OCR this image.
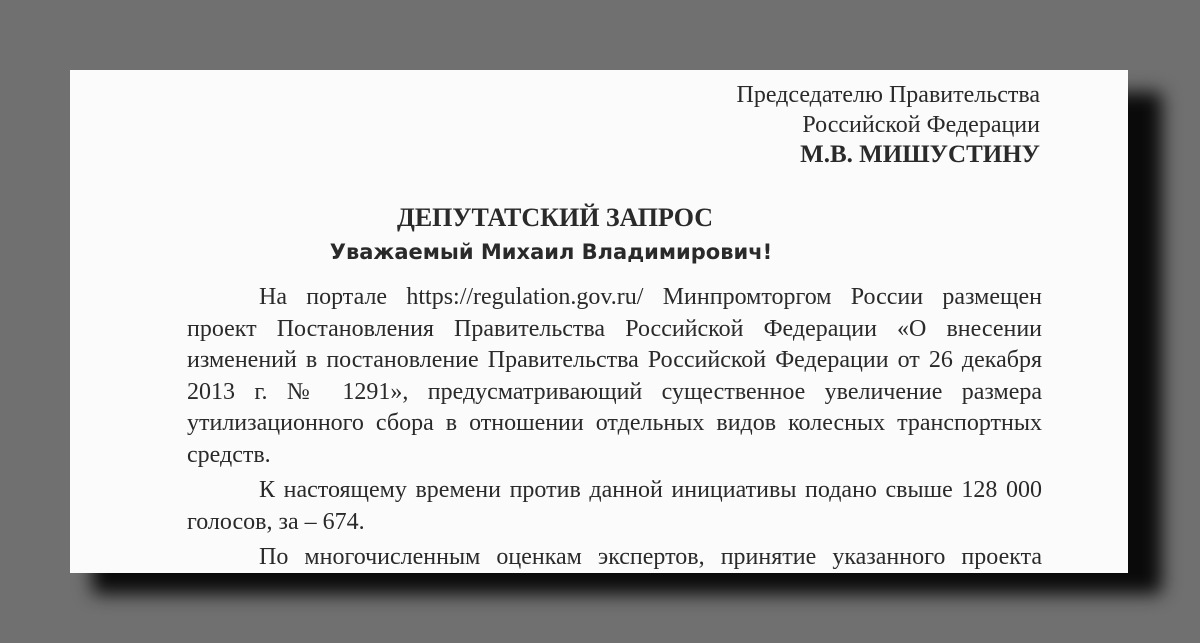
Председателю Правительства
Российской Федерации
М.В. МИШУСТИНУ
ДЕПУТАТСКИЙ ЗАПРОС
Уважаемый Михаил Владимирович!

На портале https://regulation.gov.ru/ Минпромторгом России размещен проект Постановления Правительства Российской Федерации «О внесении изменений в постановление Правительства Российской Федерации от 26 декабря 2013 г. № 1291», предусматривающий существенное увеличение размера утилизационного сбора в отношении отдельных видов колесных транспортных средств.

К настоящему времени против данной инициативы подано свыше 128 000 голосов, за – 674.

По многочисленным оценкам экспертов, принятие указанного проекта
